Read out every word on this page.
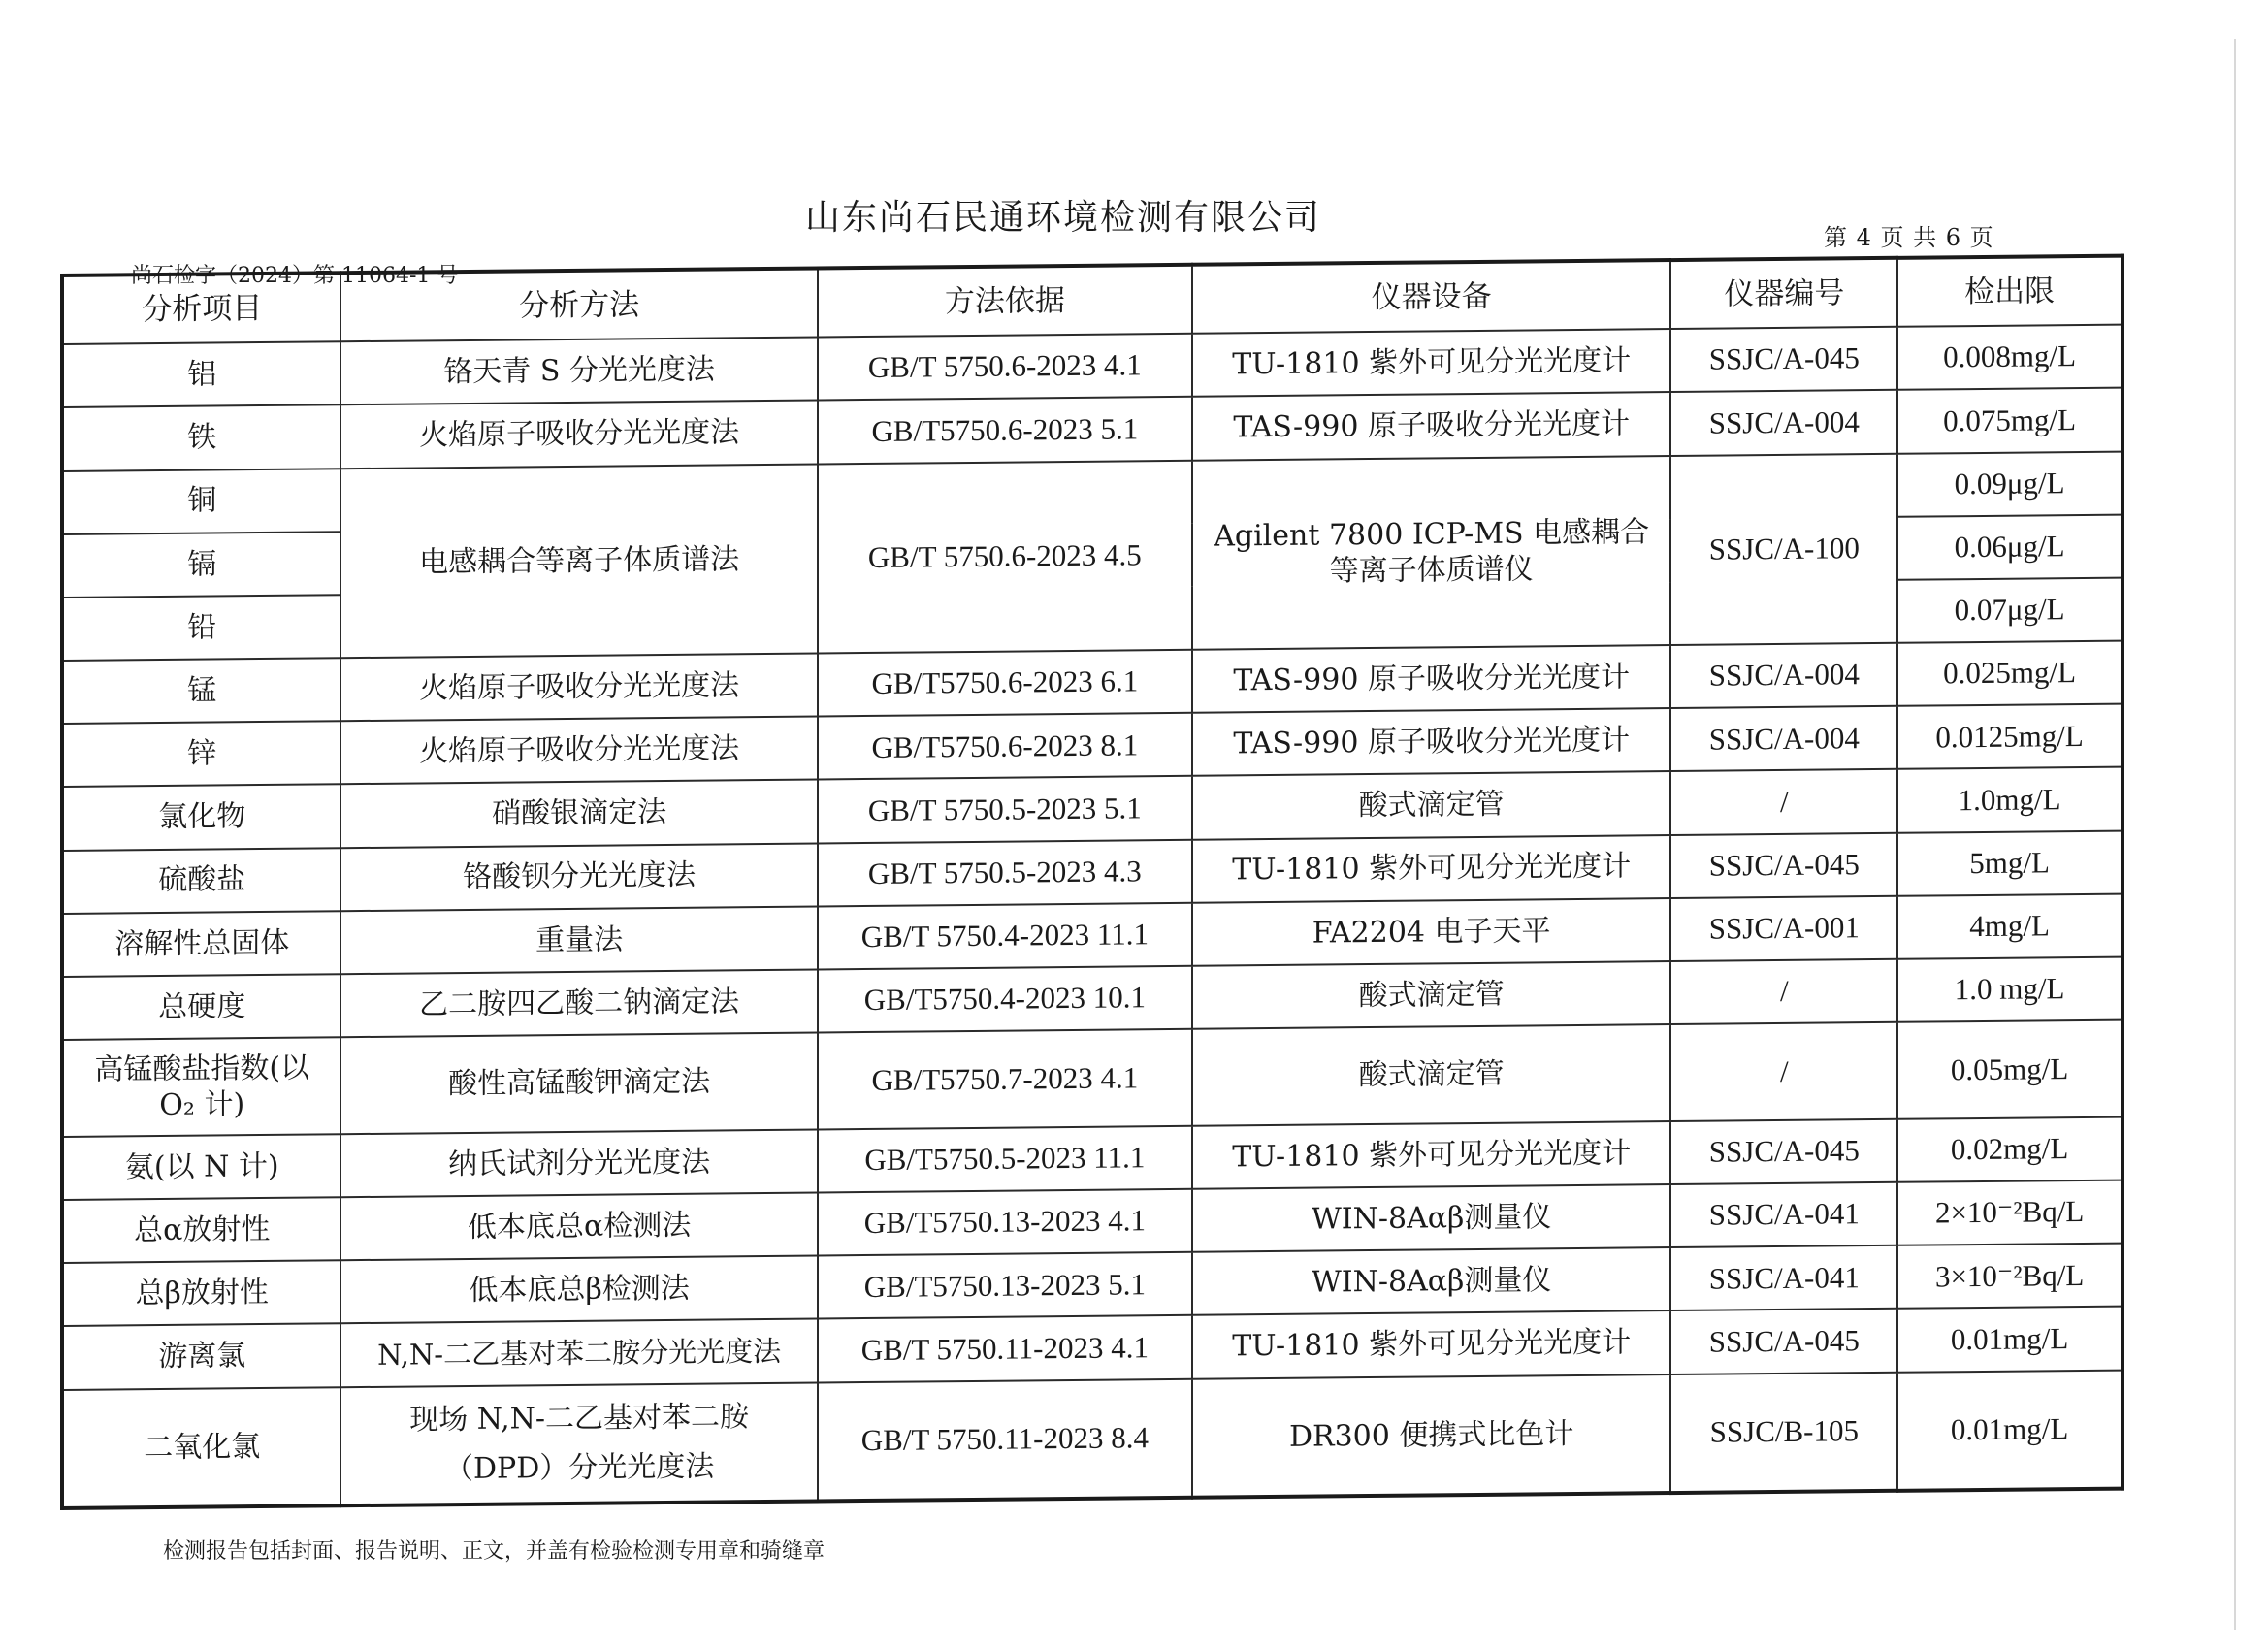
山东尚石民通环境检测有限公司	第 4 页 共 6 页
尚石检字（2024）第 11064-1 号
分析项目	分析方法	方法依据	仪器设备	仪器编号	检出限
铝	铬天青 S 分光光度法	GB/T 5750.6-2023 4.1	TU-1810 紫外可见分光光度计	SSJC/A-045	0.008mg/L
铁	火焰原子吸收分光光度法	GB/T5750.6-2023 5.1	TAS-990 原子吸收分光光度计	SSJC/A-004	0.075mg/L
铜	电感耦合等离子体质谱法	GB/T 5750.6-2023 4.5	Agilent 7800 ICP-MS 电感耦合等离子体质谱仪	SSJC/A-100	0.09μg/L
镉					0.06μg/L
铅					0.07μg/L
锰	火焰原子吸收分光光度法	GB/T5750.6-2023 6.1	TAS-990 原子吸收分光光度计	SSJC/A-004	0.025mg/L
锌	火焰原子吸收分光光度法	GB/T5750.6-2023 8.1	TAS-990 原子吸收分光光度计	SSJC/A-004	0.0125mg/L
氯化物	硝酸银滴定法	GB/T 5750.5-2023 5.1	酸式滴定管	/	1.0mg/L
硫酸盐	铬酸钡分光光度法	GB/T 5750.5-2023 4.3	TU-1810 紫外可见分光光度计	SSJC/A-045	5mg/L
溶解性总固体	重量法	GB/T 5750.4-2023 11.1	FA2204 电子天平	SSJC/A-001	4mg/L
总硬度	乙二胺四乙酸二钠滴定法	GB/T5750.4-2023 10.1	酸式滴定管	/	1.0 mg/L
高锰酸盐指数(以 O₂ 计)	酸性高锰酸钾滴定法	GB/T5750.7-2023 4.1	酸式滴定管	/	0.05mg/L
氨(以 N 计)	纳氏试剂分光光度法	GB/T5750.5-2023 11.1	TU-1810 紫外可见分光光度计	SSJC/A-045	0.02mg/L
总α放射性	低本底总α检测法	GB/T5750.13-2023 4.1	WIN-8Aαβ测量仪	SSJC/A-041	2×10⁻²Bq/L
总β放射性	低本底总β检测法	GB/T5750.13-2023 5.1	WIN-8Aαβ测量仪	SSJC/A-041	3×10⁻²Bq/L
游离氯	N,N-二乙基对苯二胺分光光度法	GB/T 5750.11-2023 4.1	TU-1810 紫外可见分光光度计	SSJC/A-045	0.01mg/L
二氧化氯	现场 N,N-二乙基对苯二胺（DPD）分光光度法	GB/T 5750.11-2023 8.4	DR300 便携式比色计	SSJC/B-105	0.01mg/L
检测报告包括封面、报告说明、正文，并盖有检验检测专用章和骑缝章
